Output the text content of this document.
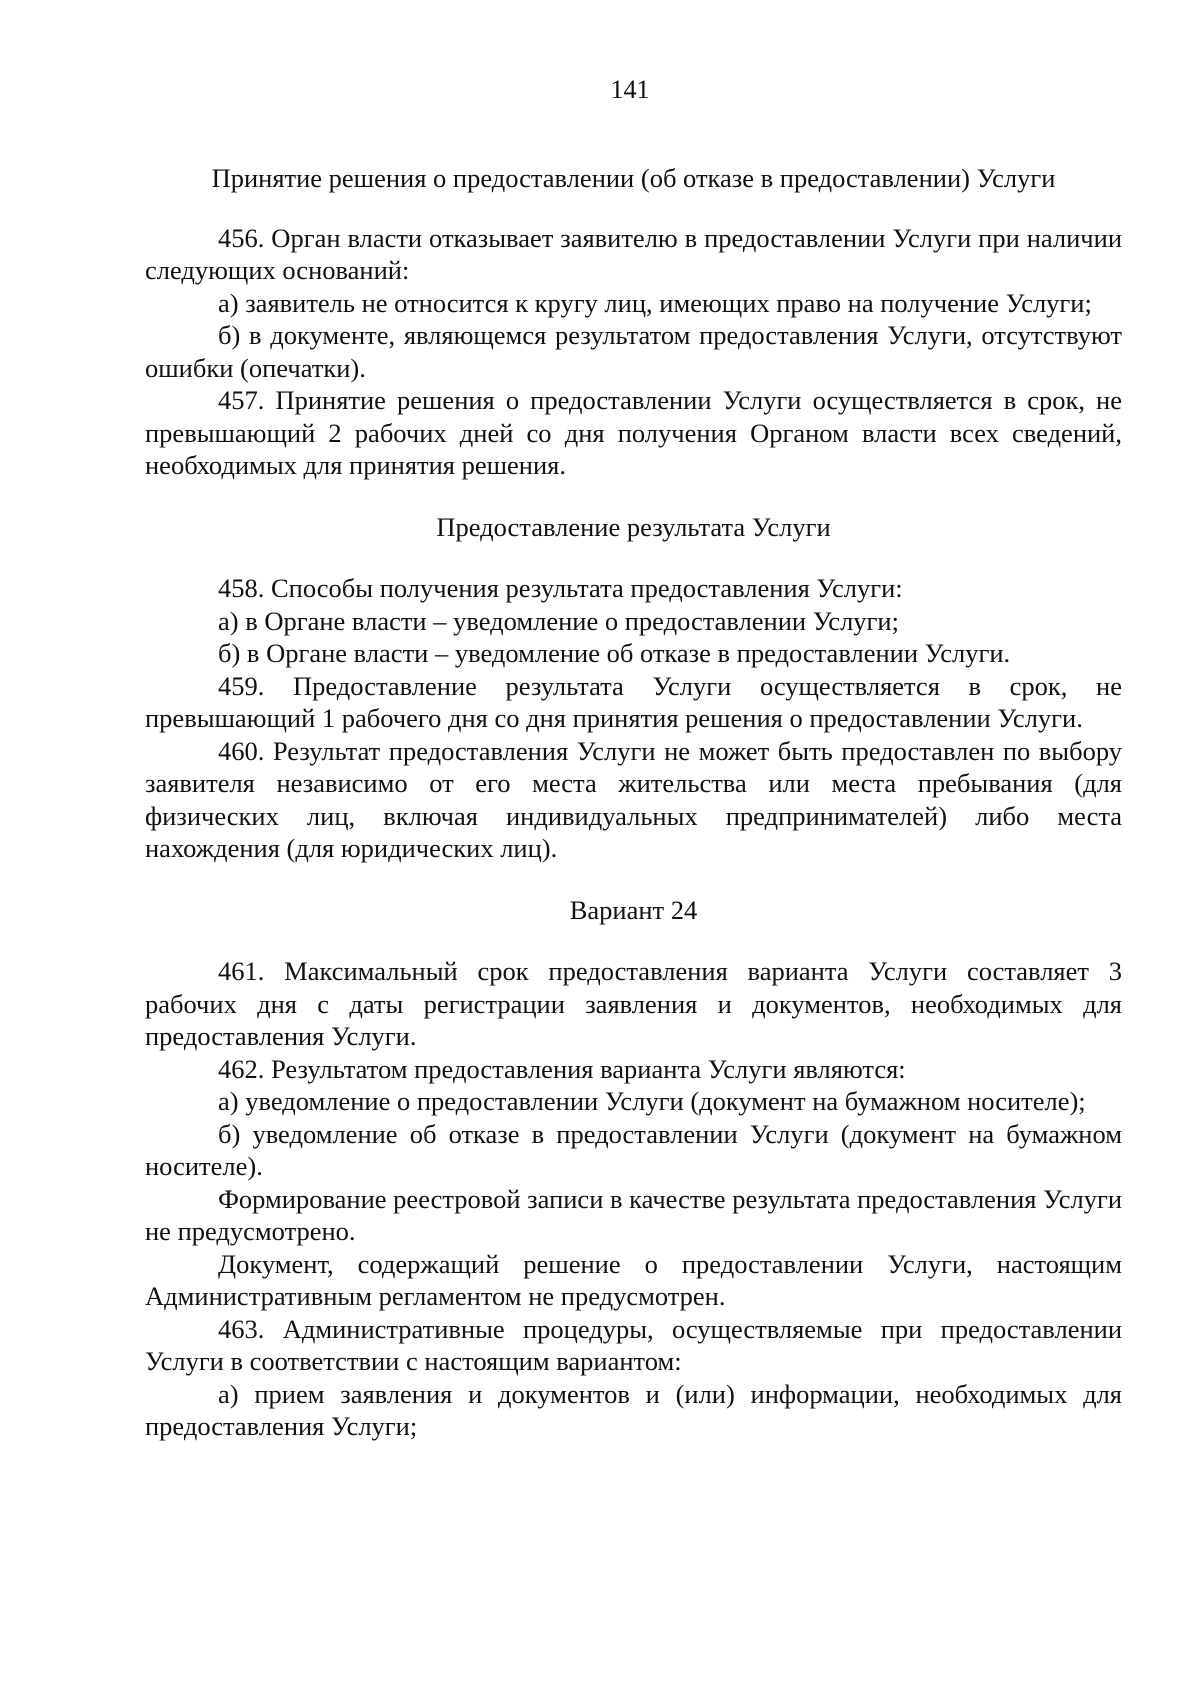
141
Принятие решения о предоставлении (об отказе в предоставлении) Услуги

456. Орган власти отказывает заявителю в предоставлении Услуги при наличии следующих оснований:

а) заявитель не относится к кругу лиц, имеющих право на получение Услуги;

б) в документе, являющемся результатом предоставления Услуги, отсутствуют ошибки (опечатки).

457. Принятие решения о предоставлении Услуги осуществляется в срок, не превышающий 2 рабочих дней со дня получения Органом власти всех сведений, необходимых для принятия решения.

Предоставление результата Услуги

458. Способы получения результата предоставления Услуги:

а) в Органе власти – уведомление о предоставлении Услуги;

б) в Органе власти – уведомление об отказе в предоставлении Услуги.

459. Предоставление результата Услуги осуществляется в срок, не превышающий 1 рабочего дня со дня принятия решения о предоставлении Услуги.

460. Результат предоставления Услуги не может быть предоставлен по выбору заявителя независимо от его места жительства или места пребывания (для физических лиц, включая индивидуальных предпринимателей) либо места нахождения (для юридических лиц).

Вариант 24

461. Максимальный срок предоставления варианта Услуги составляет 3 рабочих дня с даты регистрации заявления и документов, необходимых для предоставления Услуги.

462. Результатом предоставления варианта Услуги являются:

а) уведомление о предоставлении Услуги (документ на бумажном носителе);

б) уведомление об отказе в предоставлении Услуги (документ на бумажном носителе).

Формирование реестровой записи в качестве результата предоставления Услуги не предусмотрено.

Документ, содержащий решение о предоставлении Услуги, настоящим Административным регламентом не предусмотрен.

463. Административные процедуры, осуществляемые при предоставлении Услуги в соответствии с настоящим вариантом:

а) прием заявления и документов и (или) информации, необходимых для предоставления Услуги;
